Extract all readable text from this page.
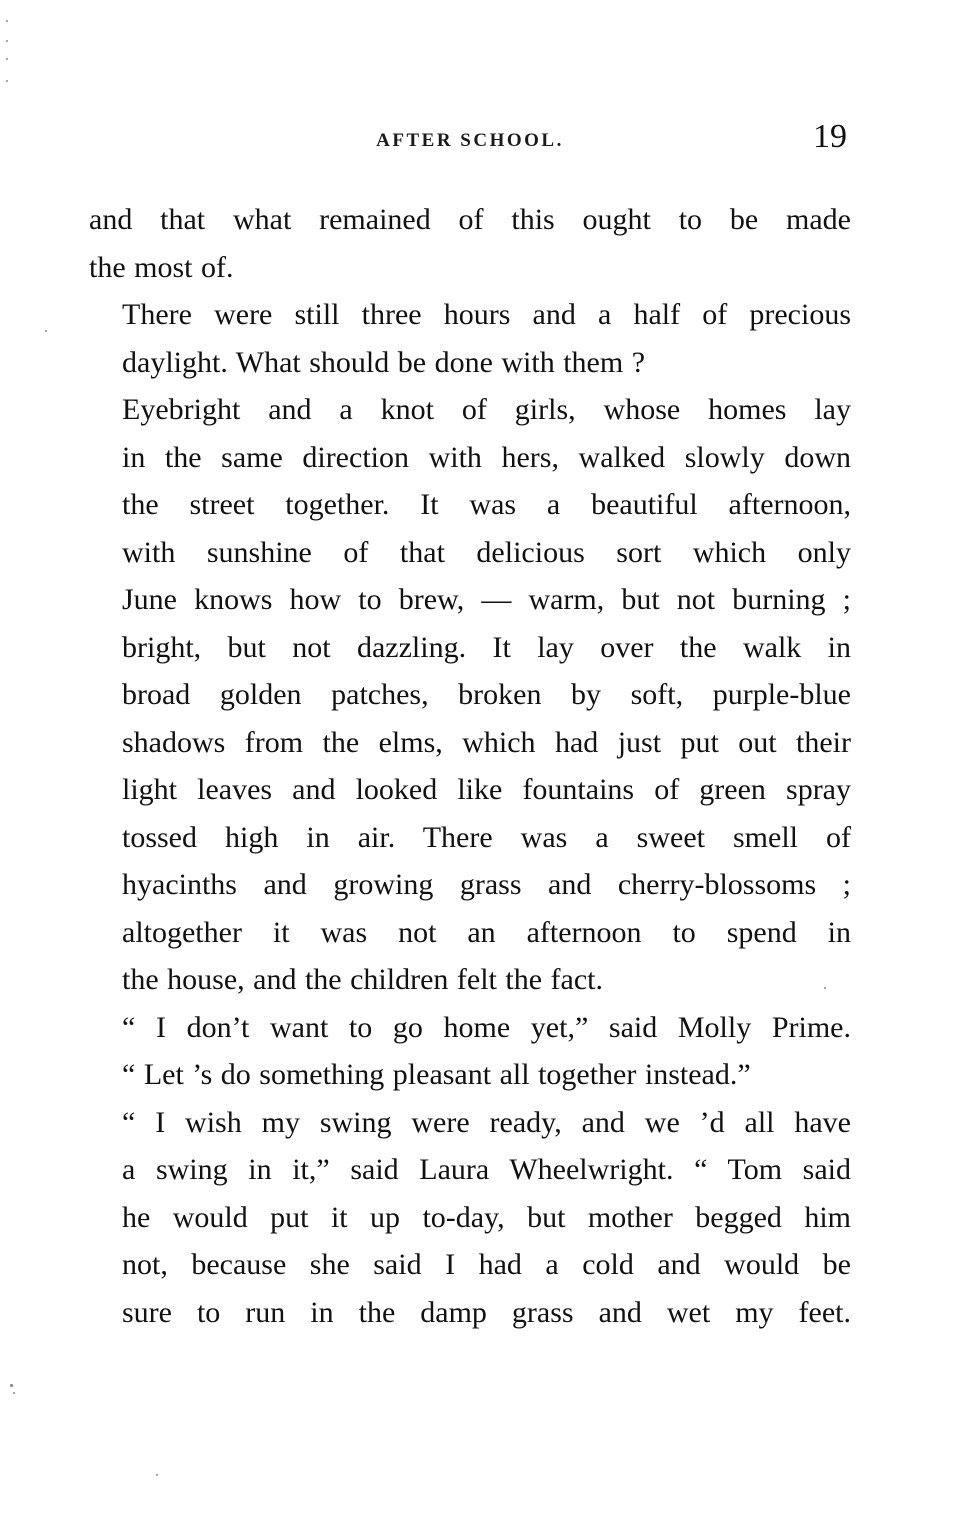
AFTER SCHOOL.	19

and that what remained of this ought to be made
the most of.

There were still three hours and a half of precious
daylight. What should be done with them ?

Eyebright and a knot of girls, whose homes lay
in the same direction with hers, walked slowly down
the street together. It was a beautiful afternoon,
with sunshine of that delicious sort which only
June knows how to brew, — warm, but not burning ;
bright, but not dazzling. It lay over the walk in
broad golden patches, broken by soft, purple-blue
shadows from the elms, which had just put out their
light leaves and looked like fountains of green spray
tossed high in air. There was a sweet smell of
hyacinths and growing grass and cherry-blossoms ;
altogether it was not an afternoon to spend in
the house, and the children felt the fact.

“ I don’t want to go home yet,” said Molly Prime.
“ Let ’s do something pleasant all together instead.”

“ I wish my swing were ready, and we ’d all have
a swing in it,” said Laura Wheelwright. “ Tom said
he would put it up to-day, but mother begged him
not, because she said I had a cold and would be
sure to run in the damp grass and wet my feet.
